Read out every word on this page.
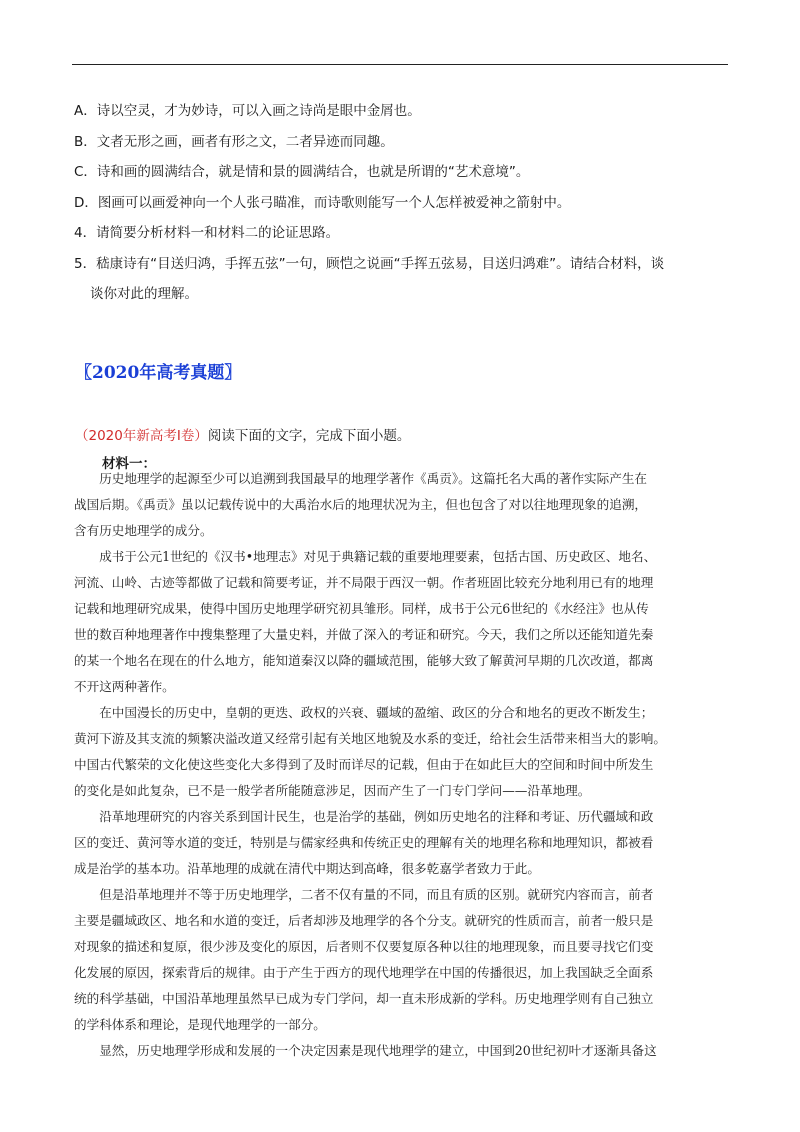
A．诗以空灵，才为妙诗，可以入画之诗尚是眼中金屑也。
B．文者无形之画，画者有形之文，二者异迹而同趣。
C．诗和画的圆满结合，就是情和景的圆满结合，也就是所谓的“艺术意境”。
D．图画可以画爱神向一个人张弓瞄准，而诗歌则能写一个人怎样被爱神之箭射中。
4．请简要分析材料一和材料二的论证思路。
5．嵇康诗有“目送归鸿，手挥五弦”一句，顾恺之说画“手挥五弦易，目送归鸿难”。请结合材料，谈
谈你对此的理解。
〖2020年高考真题〗
（2020年新高考Ⅰ卷）阅读下面的文字，完成下面小题。
材料一：
　　历史地理学的起源至少可以追溯到我国最早的地理学著作《禹贡》。这篇托名大禹的著作实际产生在
战国后期。《禹贡》虽以记载传说中的大禹治水后的地理状况为主，但也包含了对以往地理现象的追溯，
含有历史地理学的成分。
　　成书于公元1世纪的《汉书•地理志》对见于典籍记载的重要地理要素，包括古国、历史政区、地名、
河流、山岭、古迹等都做了记载和简要考证，并不局限于西汉一朝。作者班固比较充分地利用已有的地理
记载和地理研究成果，使得中国历史地理学研究初具雏形。同样，成书于公元6世纪的《水经注》也从传
世的数百种地理著作中搜集整理了大量史料，并做了深入的考证和研究。今天，我们之所以还能知道先秦
的某一个地名在现在的什么地方，能知道秦汉以降的疆域范围，能够大致了解黄河早期的几次改道，都离
不开这两种著作。
　　在中国漫长的历史中，皇朝的更迭、政权的兴衰、疆域的盈缩、政区的分合和地名的更改不断发生；
黄河下游及其支流的频繁决溢改道又经常引起有关地区地貌及水系的变迁，给社会生活带来相当大的影响。
中国古代繁荣的文化使这些变化大多得到了及时而详尽的记载，但由于在如此巨大的空间和时间中所发生
的变化是如此复杂，已不是一般学者所能随意涉足，因而产生了一门专门学问——沿革地理。
　　沿革地理研究的内容关系到国计民生，也是治学的基础，例如历史地名的注释和考证、历代疆域和政
区的变迁、黄河等水道的变迁，特别是与儒家经典和传统正史的理解有关的地理名称和地理知识，都被看
成是治学的基本功。沿革地理的成就在清代中期达到高峰，很多乾嘉学者致力于此。
　　但是沿革地理并不等于历史地理学，二者不仅有量的不同，而且有质的区别。就研究内容而言，前者
主要是疆域政区、地名和水道的变迁，后者却涉及地理学的各个分支。就研究的性质而言，前者一般只是
对现象的描述和复原，很少涉及变化的原因，后者则不仅要复原各种以往的地理现象，而且要寻找它们变
化发展的原因，探索背后的规律。由于产生于西方的现代地理学在中国的传播很迟，加上我国缺乏全面系
统的科学基础，中国沿革地理虽然早已成为专门学问，却一直未形成新的学科。历史地理学则有自己独立
的学科体系和理论，是现代地理学的一部分。
　　显然，历史地理学形成和发展的一个决定因素是现代地理学的建立，中国到20世纪初叶才逐渐具备这
